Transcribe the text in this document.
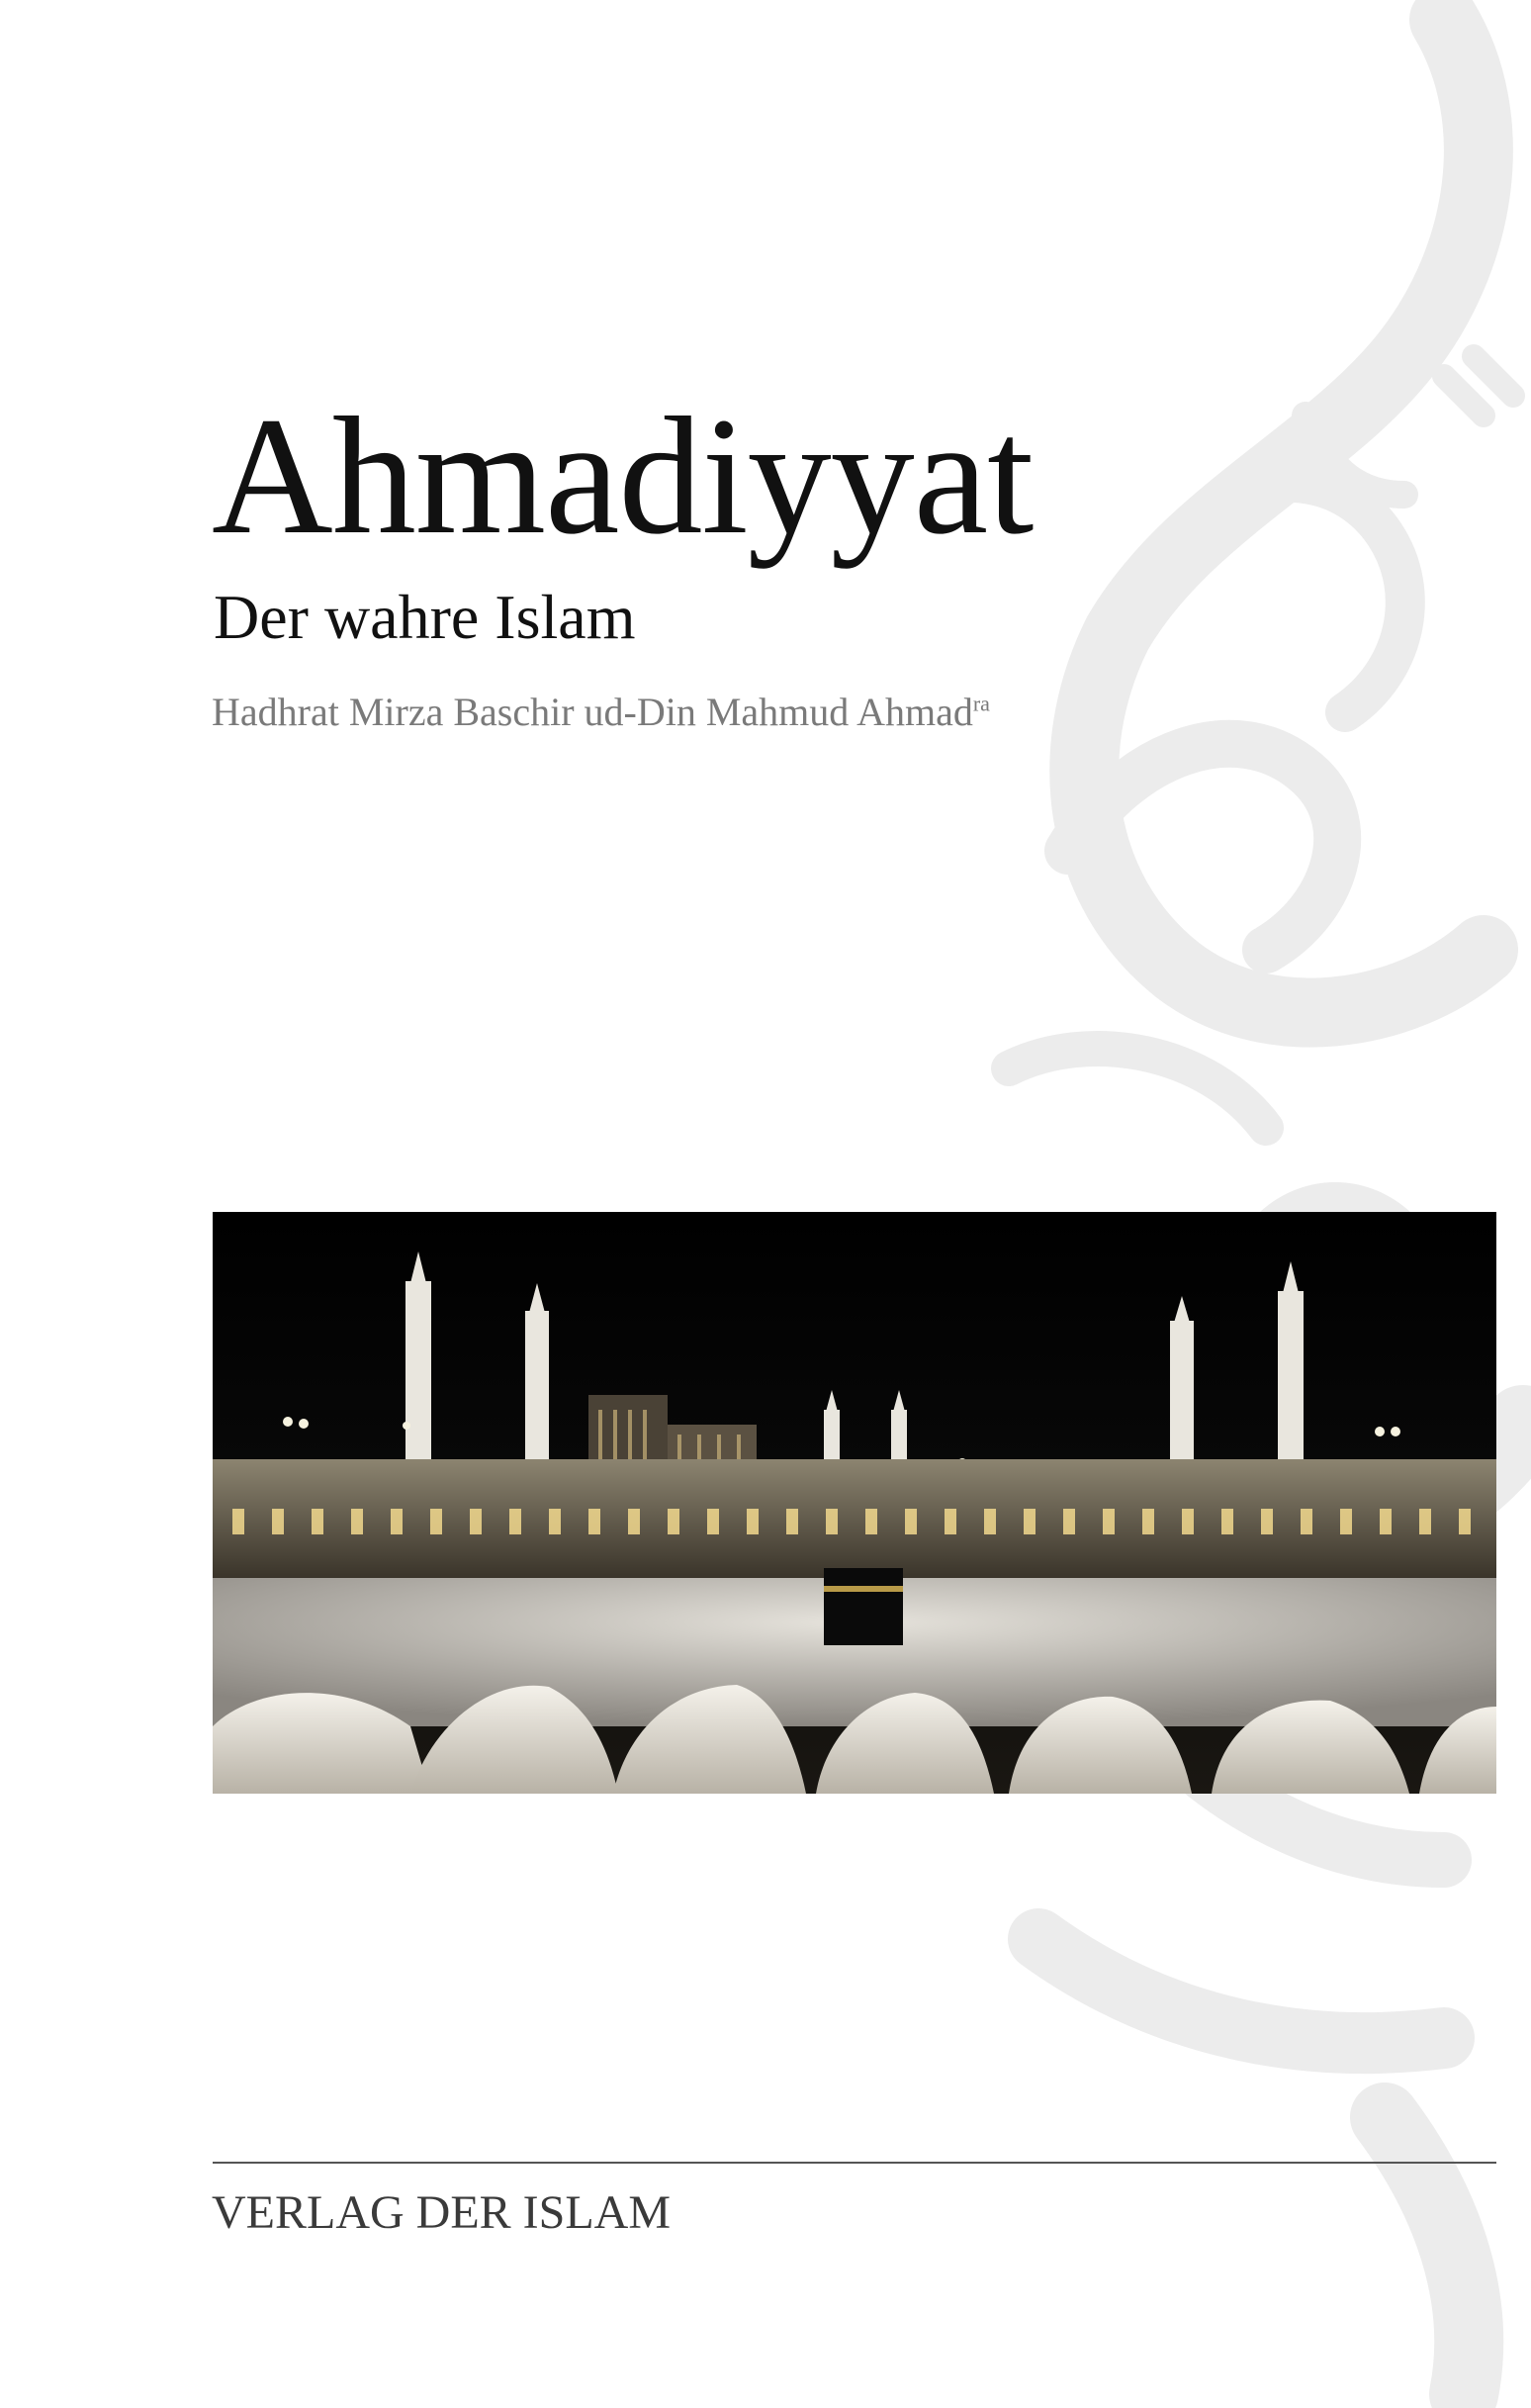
Ahmadiyyat
Der wahre Islam
Hadhrat Mirza Baschir ud-Din Mahmud Ahmad$^{ra}$
VERLAG DER ISLAM
